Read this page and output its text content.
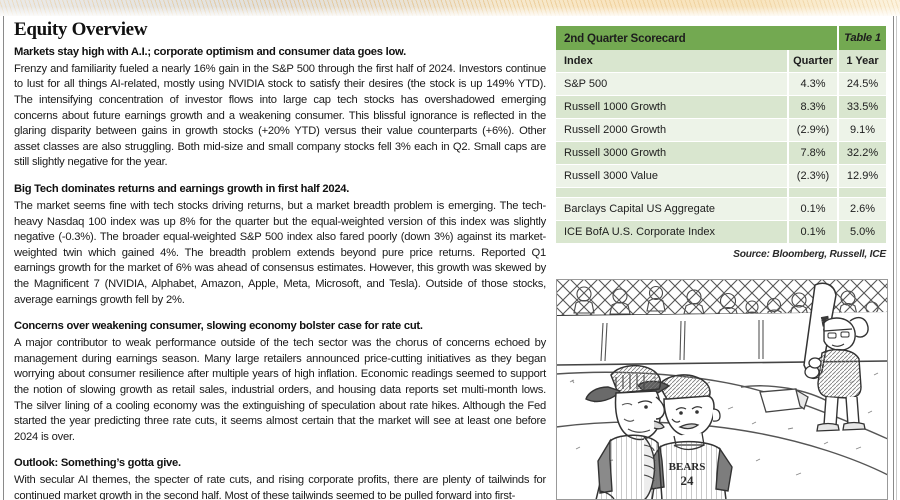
Equity Overview

Markets stay high with A.I.; corporate optimism and consumer data goes low.

Frenzy and familiarity fueled a nearly 16% gain in the S&P 500 through the first half of 2024. Investors continue to lust for all things AI-related, mostly using NVIDIA stock to satisfy their desires (the stock is up 149% YTD). The intensifying concentration of investor flows into large cap tech stocks has overshadowed emerging concerns about future earnings growth and a weakening consumer. This blissful ignorance is reflected in the glaring disparity between gains in growth stocks (+20% YTD) versus their value counterparts (+6%). Other asset classes are also struggling. Both mid-size and small company stocks fell 3% each in Q2. Small caps are still slightly negative for the year.

Big Tech dominates returns and earnings growth in first half 2024.

The market seems fine with tech stocks driving returns, but a market breadth problem is emerging. The tech-heavy Nasdaq 100 index was up 8% for the quarter but the equal-weighted version of this index was slightly negative (-0.3%). The broader equal-weighted S&P 500 index also fared poorly (down 3%) against its market-weighted twin which gained 4%. The breadth problem extends beyond pure price returns. Reported Q1 earnings growth for the market of 6% was ahead of consensus estimates. However, this growth was skewed by the Magnificent 7 (NVIDIA, Alphabet, Amazon, Apple, Meta, Microsoft, and Tesla). Outside of those stocks, average earnings growth fell by 2%.

Concerns over weakening consumer, slowing economy bolster case for rate cut.

A major contributor to weak performance outside of the tech sector was the chorus of concerns echoed by management during earnings season. Many large retailers announced price-cutting initiatives as they began worrying about consumer resilience after multiple years of high inflation. Economic readings seemed to support the notion of slowing growth as retail sales, industrial orders, and housing data reports set multi-month lows. The silver lining of a cooling economy was the extinguishing of speculation about rate hikes. Although the Fed started the year predicting three rate cuts, it seems almost certain that the market will see at least one before 2024 is over.

Outlook: Something’s gotta give.

With secular AI themes, the specter of rate cuts, and rising corporate profits, there are plenty of tailwinds for continued market growth in the second half. Most of these tailwinds seemed to be pulled forward into first-

2nd Quarter Scorecard		Table 1
Index	Quarter	1 Year
S&P 500	4.3%	24.5%
Russell 1000 Growth	8.3%	33.5%
Russell 2000 Growth	(2.9%)	9.1%
Russell 3000 Growth	7.8%	32.2%
Russell 3000 Value	(2.3%)	12.9%

Barclays Capital US Aggregate	0.1%	2.6%
ICE BofA U.S. Corporate Index	0.1%	5.0%
Source: Bloomberg, Russell, ICE
BEARS
24
